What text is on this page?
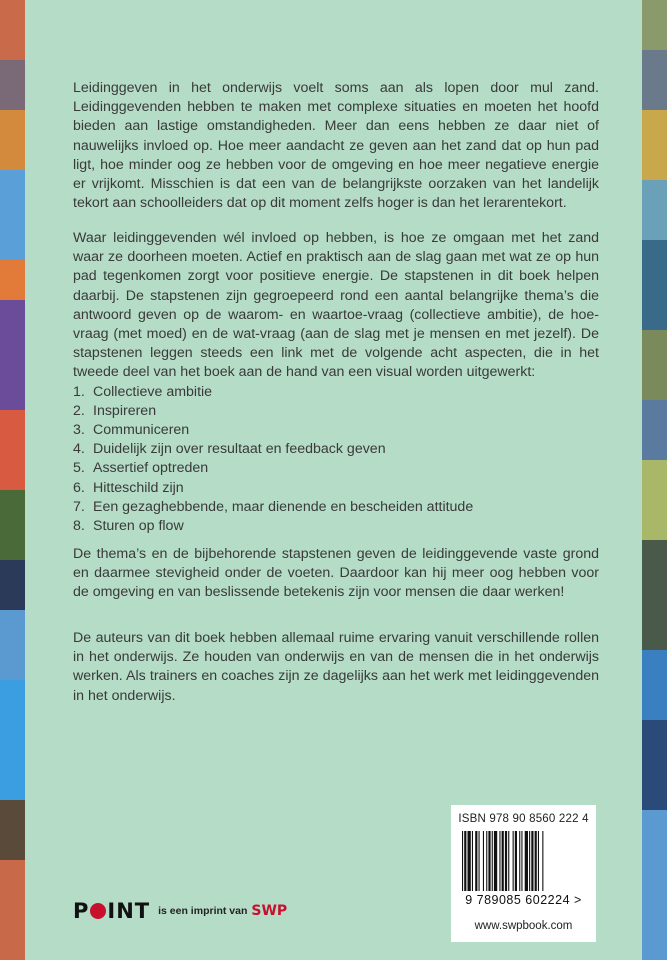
Leidinggeven in het onderwijs voelt soms aan als lopen door mul zand. Leidinggevenden hebben te maken met complexe situaties en moeten het hoofd bieden aan lastige omstandigheden. Meer dan eens hebben ze daar niet of nauwelijks invloed op. Hoe meer aandacht ze geven aan het zand dat op hun pad ligt, hoe minder oog ze hebben voor de omgeving en hoe meer negatieve energie er vrijkomt. Misschien is dat een van de belangrijkste oorzaken van het landelijk tekort aan schoolleiders dat op dit moment zelfs hoger is dan het lerarentekort.

Waar leidinggevenden wél invloed op hebben, is hoe ze omgaan met het zand waar ze doorheen moeten. Actief en praktisch aan de slag gaan met wat ze op hun pad tegenkomen zorgt voor positieve energie. De stapstenen in dit boek helpen daarbij. De stapstenen zijn gegroepeerd rond een aantal belangrijke thema’s die antwoord geven op de waarom- en waartoe-vraag (collectieve ambitie), de hoe-vraag (met moed) en de wat-vraag (aan de slag met je mensen en met jezelf). De stapstenen leggen steeds een link met de volgende acht aspecten, die in het tweede deel van het boek aan de hand van een visual worden uitgewerkt:

1. Collectieve ambitie
2. Inspireren
3. Communiceren
4. Duidelijk zijn over resultaat en feedback geven
5. Assertief optreden
6. Hitteschild zijn
7. Een gezaghebbende, maar dienende en bescheiden attitude
8. Sturen op flow

De thema’s en de bijbehorende stapstenen geven de leidinggevende vaste grond en daarmee stevigheid onder de voeten. Daardoor kan hij meer oog hebben voor de omgeving en van beslissende betekenis zijn voor mensen die daar werken!

De auteurs van dit boek hebben allemaal ruime ervaring vanuit verschillende rollen in het onderwijs. Ze houden van onderwijs en van de mensen die in het onderwijs werken. Als trainers en coaches zijn ze dagelijks aan het werk met leidinggevenden in het onderwijs.

ISBN 978 90 8560 222 4
9 789085 602224 >
www.swpbook.com
P INT is een imprint van SWP
